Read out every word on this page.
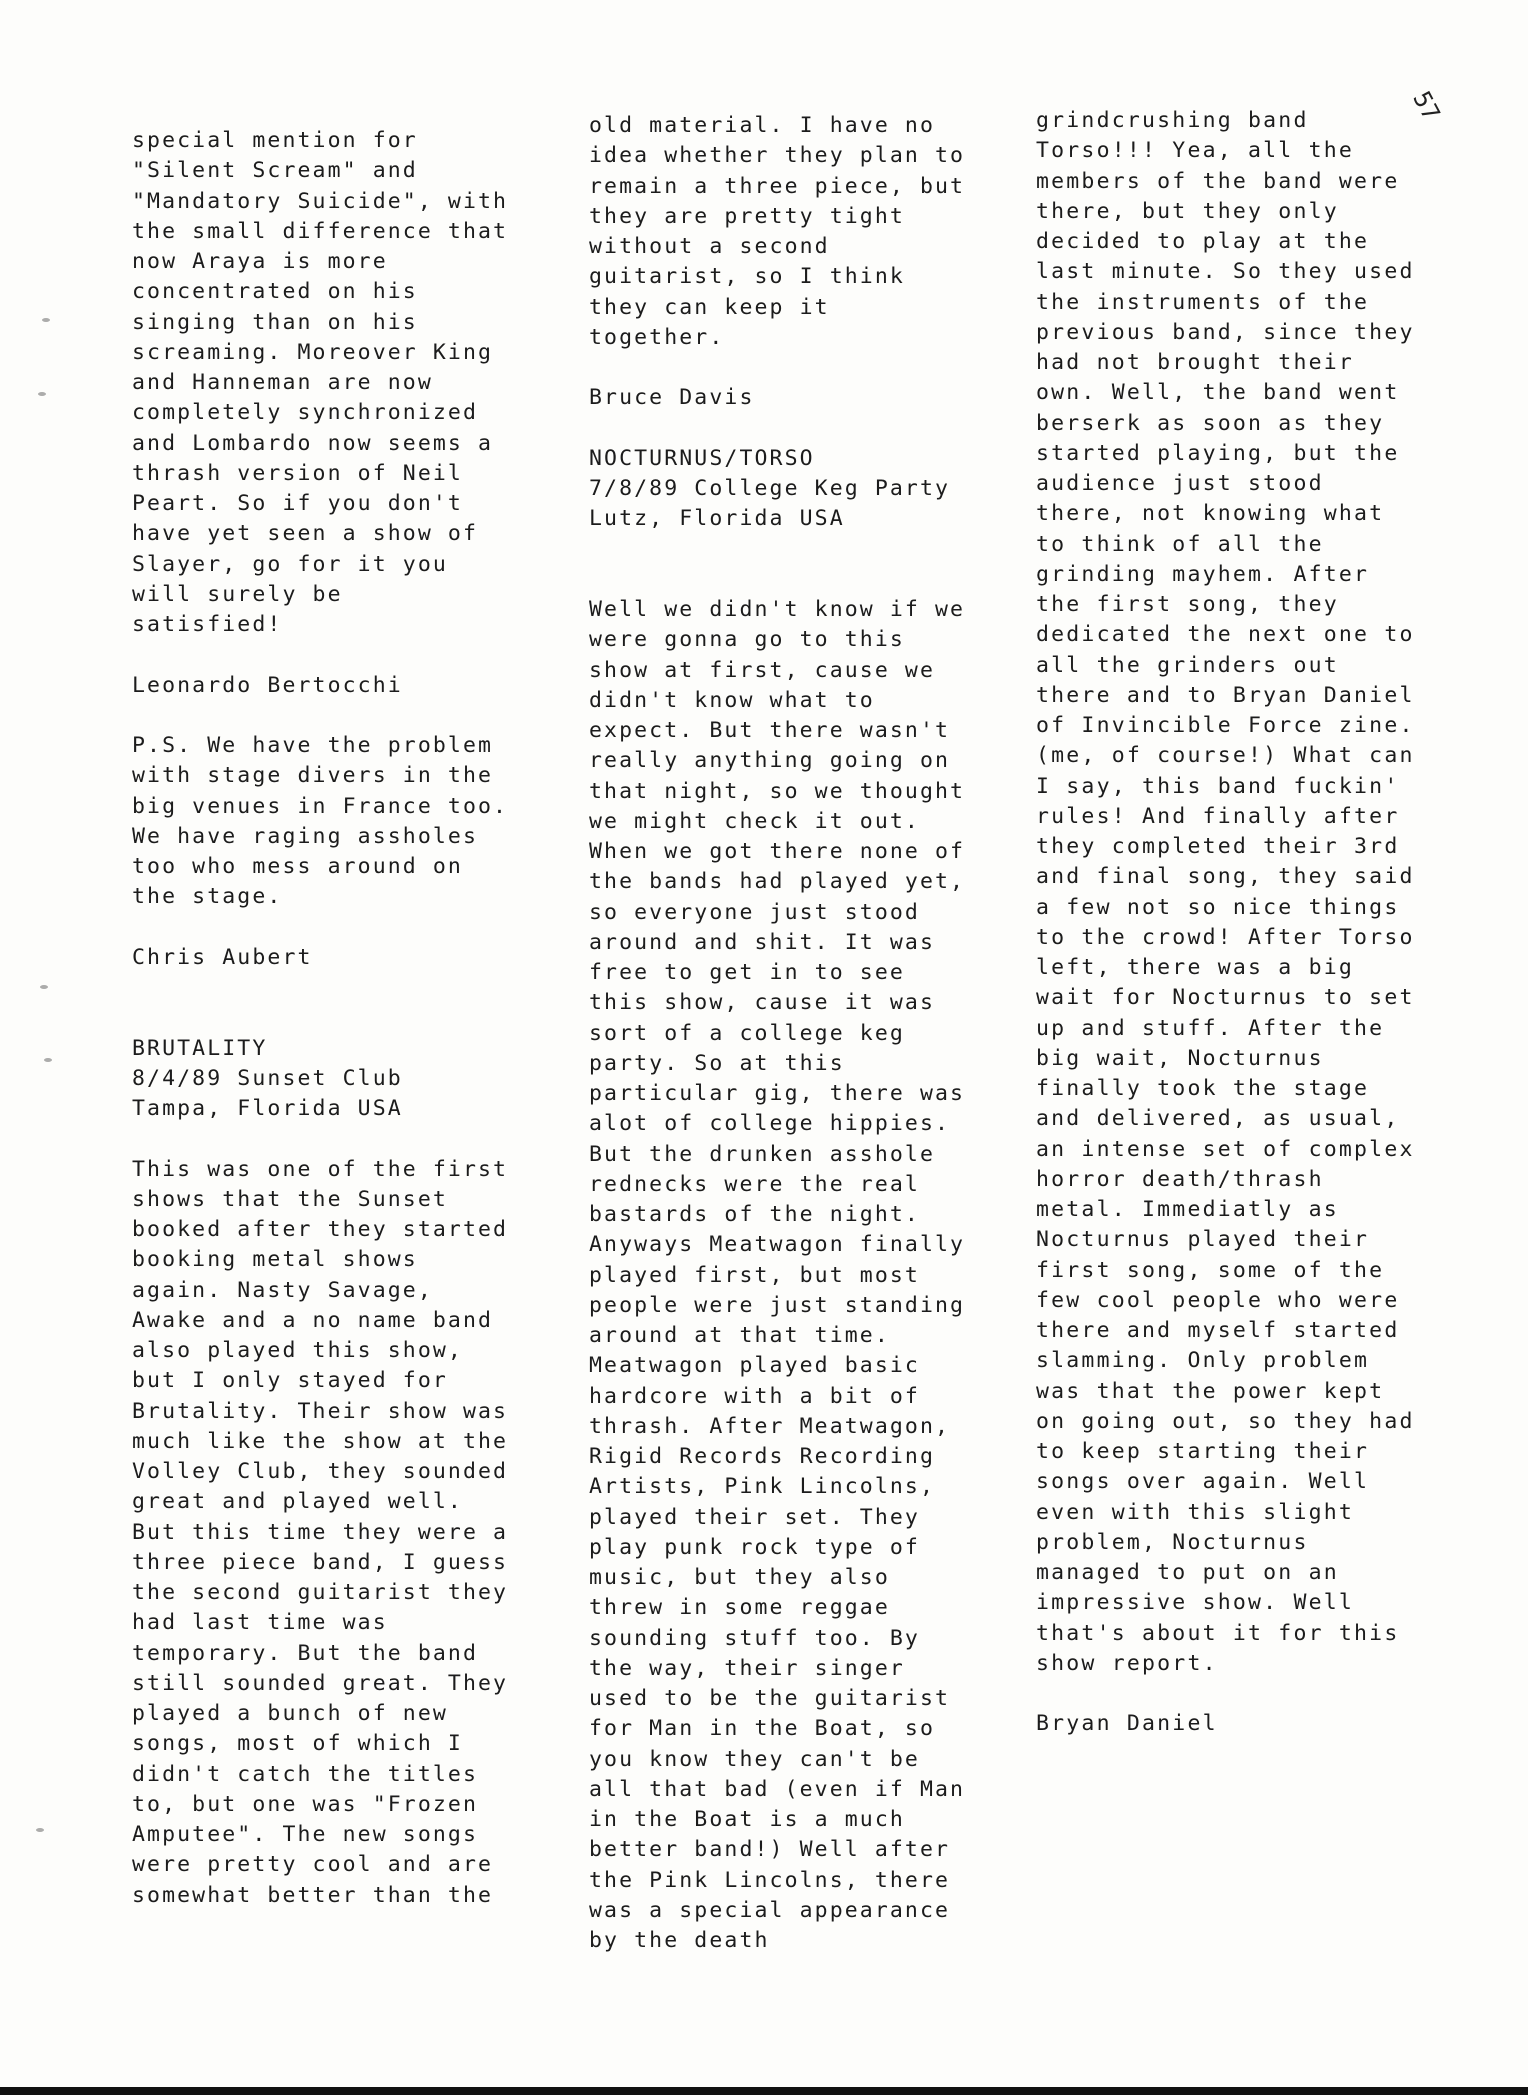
57
special mention for
"Silent Scream" and
"Mandatory Suicide", with
the small difference that
now Araya is more
concentrated on his
singing than on his
screaming. Moreover King
and Hanneman are now
completely synchronized
and Lombardo now seems a
thrash version of Neil
Peart. So if you don't
have yet seen a show of
Slayer, go for it you
will surely be
satisfied!
Leonardo Bertocchi
P.S. We have the problem
with stage divers in the
big venues in France too.
We have raging assholes
too who mess around on
the stage.
Chris Aubert
BRUTALITY
8/4/89 Sunset Club
Tampa, Florida USA
This was one of the first
shows that the Sunset
booked after they started
booking metal shows
again. Nasty Savage,
Awake and a no name band
also played this show,
but I only stayed for
Brutality. Their show was
much like the show at the
Volley Club, they sounded
great and played well.
But this time they were a
three piece band, I guess
the second guitarist they
had last time was
temporary. But the band
still sounded great. They
played a bunch of new
songs, most of which I
didn't catch the titles
to, but one was "Frozen
Amputee". The new songs
were pretty cool and are
somewhat better than the
old material. I have no
idea whether they plan to
remain a three piece, but
they are pretty tight
without a second
guitarist, so I think
they can keep it
together.
Bruce Davis
NOCTURNUS/TORSO
7/8/89 College Keg Party
Lutz, Florida USA
Well we didn't know if we
were gonna go to this
show at first, cause we
didn't know what to
expect. But there wasn't
really anything going on
that night, so we thought
we might check it out.
When we got there none of
the bands had played yet,
so everyone just stood
around and shit. It was
free to get in to see
this show, cause it was
sort of a college keg
party. So at this
particular gig, there was
alot of college hippies.
But the drunken asshole
rednecks were the real
bastards of the night.
Anyways Meatwagon finally
played first, but most
people were just standing
around at that time.
Meatwagon played basic
hardcore with a bit of
thrash. After Meatwagon,
Rigid Records Recording
Artists, Pink Lincolns,
played their set. They
play punk rock type of
music, but they also
threw in some reggae
sounding stuff too. By
the way, their singer
used to be the guitarist
for Man in the Boat, so
you know they can't be
all that bad (even if Man
in the Boat is a much
better band!) Well after
the Pink Lincolns, there
was a special appearance
by the death
grindcrushing band
Torso!!! Yea, all the
members of the band were
there, but they only
decided to play at the
last minute. So they used
the instruments of the
previous band, since they
had not brought their
own. Well, the band went
berserk as soon as they
started playing, but the
audience just stood
there, not knowing what
to think of all the
grinding mayhem. After
the first song, they
dedicated the next one to
all the grinders out
there and to Bryan Daniel
of Invincible Force zine.
(me, of course!) What can
I say, this band fuckin'
rules! And finally after
they completed their 3rd
and final song, they said
a few not so nice things
to the crowd! After Torso
left, there was a big
wait for Nocturnus to set
up and stuff. After the
big wait, Nocturnus
finally took the stage
and delivered, as usual,
an intense set of complex
horror death/thrash
metal. Immediatly as
Nocturnus played their
first song, some of the
few cool people who were
there and myself started
slamming. Only problem
was that the power kept
on going out, so they had
to keep starting their
songs over again. Well
even with this slight
problem, Nocturnus
managed to put on an
impressive show. Well
that's about it for this
show report.
Bryan Daniel
